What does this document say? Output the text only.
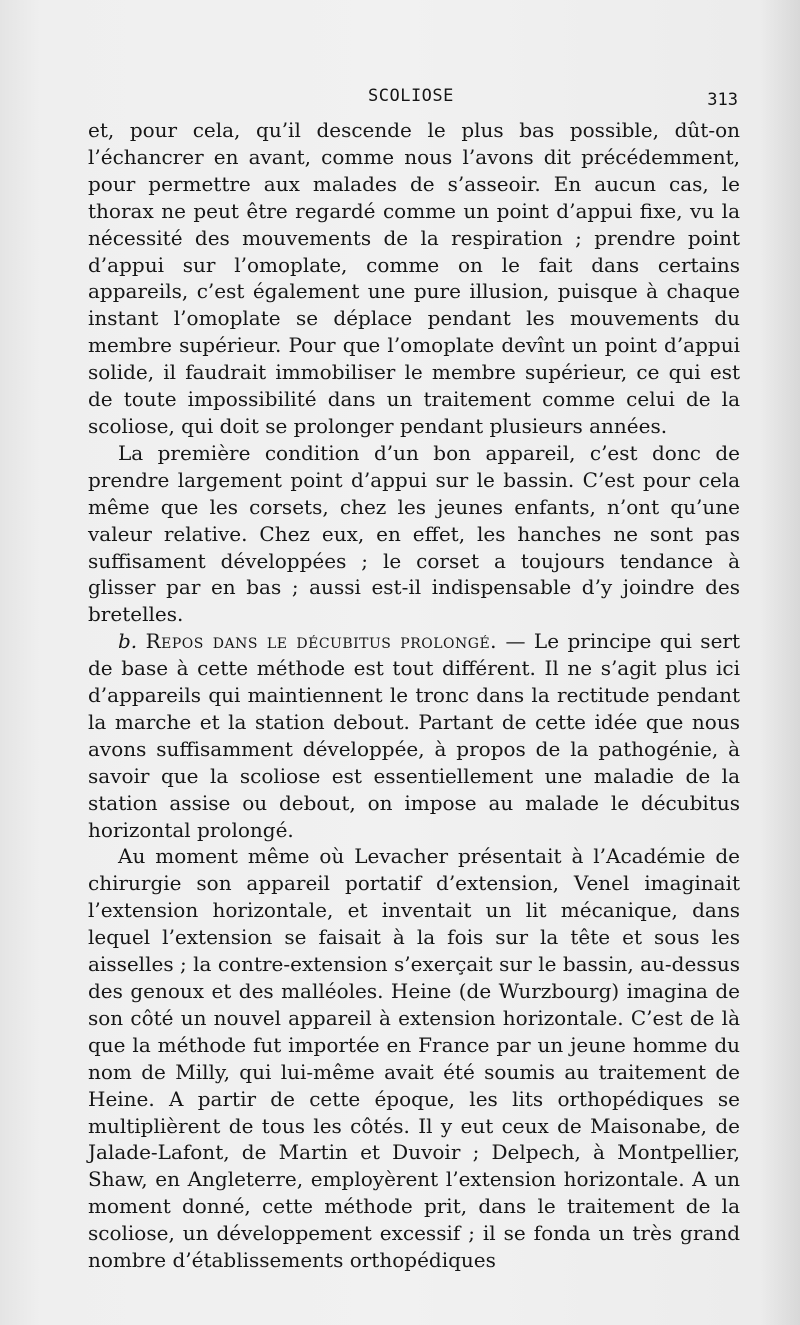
SCOLIOSE	313

et, pour cela, qu’il descende le plus bas possible, dût-on l’échancrer en avant, comme nous l’avons dit précédemment, pour permettre aux malades de s’asseoir. En aucun cas, le thorax ne peut être regardé comme un point d’appui fixe, vu la nécessité des mouvements de la respiration ; prendre point d’appui sur l’omoplate, comme on le fait dans certains appareils, c’est également une pure illusion, puisque à chaque instant l’omoplate se déplace pendant les mouvements du membre supérieur. Pour que l’omoplate devînt un point d’appui solide, il faudrait immobiliser le membre supérieur, ce qui est de toute impossibilité dans un traitement comme celui de la scoliose, qui doit se prolonger pendant plusieurs années.

La première condition d’un bon appareil, c’est donc de prendre largement point d’appui sur le bassin. C’est pour cela même que les corsets, chez les jeunes enfants, n’ont qu’une valeur relative. Chez eux, en effet, les hanches ne sont pas suffisament développées ; le corset a toujours tendance à glisser par en bas ; aussi est-il indispensable d’y joindre des bretelles.

b. Repos dans le décubitus prolongé. — Le principe qui sert de base à cette méthode est tout différent. Il ne s’agit plus ici d’appareils qui maintiennent le tronc dans la rectitude pendant la marche et la station debout. Partant de cette idée que nous avons suffisamment développée, à propos de la pathogénie, à savoir que la scoliose est essentiellement une maladie de la station assise ou debout, on impose au malade le décubitus horizontal prolongé.

Au moment même où Levacher présentait à l’Académie de chirurgie son appareil portatif d’extension, Venel imaginait l’extension horizontale, et inventait un lit mécanique, dans lequel l’extension se faisait à la fois sur la tête et sous les aisselles ; la contre-extension s’exerçait sur le bassin, au-dessus des genoux et des malléoles. Heine (de Wurzbourg) imagina de son côté un nouvel appareil à extension horizontale. C’est de là que la méthode fut importée en France par un jeune homme du nom de Milly, qui lui-même avait été soumis au traitement de Heine. A partir de cette époque, les lits orthopédiques se multiplièrent de tous les côtés. Il y eut ceux de Maisonabe, de Jalade-Lafont, de Martin et Duvoir ; Delpech, à Montpellier, Shaw, en Angleterre, employèrent l’extension horizontale. A un moment donné, cette méthode prit, dans le traitement de la scoliose, un développement excessif ; il se fonda un très grand nombre d’établissements orthopédiques
